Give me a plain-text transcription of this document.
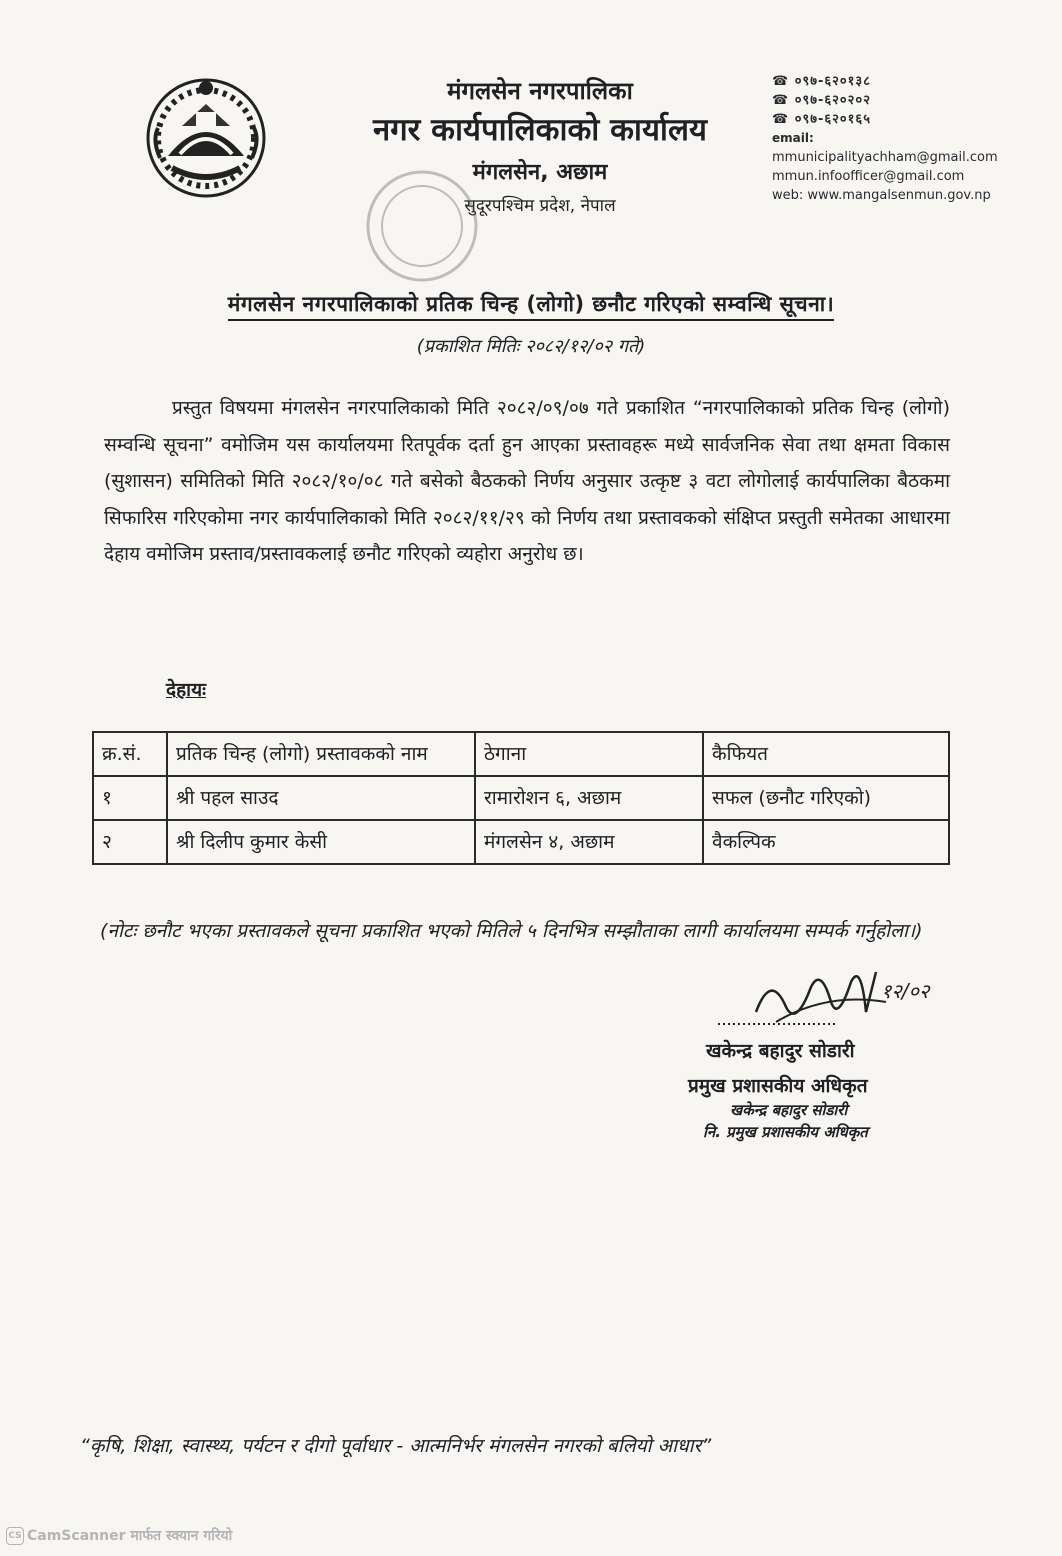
मंगलसेन नगरपालिका

नगर कार्यपालिकाको कार्यालय

मंगलसेन, अछाम

सुदूरपश्चिम प्रदेश, नेपाल

☎ ०९७-६२०१३८
☎ ०९७-६२०२०२
☎ ०९७-६२०१६५
email:
mmunicipalityachham@gmail.com
mmun.infoofficer@gmail.com
web: www.mangalsenmun.gov.np
मंगलसेन नगरपालिकाको प्रतिक चिन्ह (लोगो) छनौट गरिएको सम्वन्धि सूचना।
(प्रकाशित मितिः २०८२/१२/०२ गते)

प्रस्तुत विषयमा मंगलसेन नगरपालिकाको मिति २०८२/०९/०७ गते प्रकाशित “नगरपालिकाको प्रतिक चिन्ह (लोगो) सम्वन्धि सूचना” वमोजिम यस कार्यालयमा रितपूर्वक दर्ता हुन आएका प्रस्तावहरू मध्ये सार्वजनिक सेवा तथा क्षमता विकास (सुशासन) समितिको मिति २०८२/१०/०८ गते बसेको बैठकको निर्णय अनुसार उत्कृष्ट ३ वटा लोगोलाई कार्यपालिका बैठकमा सिफारिस गरिएकोमा नगर कार्यपालिकाको मिति २०८२/११/२९ को निर्णय तथा प्रस्तावकको संक्षिप्त प्रस्तुती समेतका आधारमा देहाय वमोजिम प्रस्ताव/प्रस्तावकलाई छनौट गरिएको व्यहोरा अनुरोध छ।

देहायः
क्र.सं.	प्रतिक चिन्ह (लोगो) प्रस्तावकको नाम	ठेगाना	कैफियत
१	श्री पहल साउद	रामारोशन ६, अछाम	सफल (छनौट गरिएको)
२	श्री दिलीप कुमार केसी	मंगलसेन ४, अछाम	वैकल्पिक

(नोटः छनौट भएका प्रस्तावकले सूचना प्रकाशित भएको मितिले ५ दिनभित्र सम्झौताका लागी कार्यालयमा सम्पर्क गर्नुहोला।)

१२/०२
खकेन्द्र बहादुर सोडारी
प्रमुख प्रशासकीय अधिकृत
खकेन्द्र बहादुर सोडारी
नि. प्रमुख प्रशासकीय अधिकृत
“कृषि, शिक्षा, स्वास्थ्य, पर्यटन र दीगो पूर्वाधार - आत्मनिर्भर मंगलसेन नगरको बलियो आधार”
CS CamScanner मार्फत स्क्यान गरियो
